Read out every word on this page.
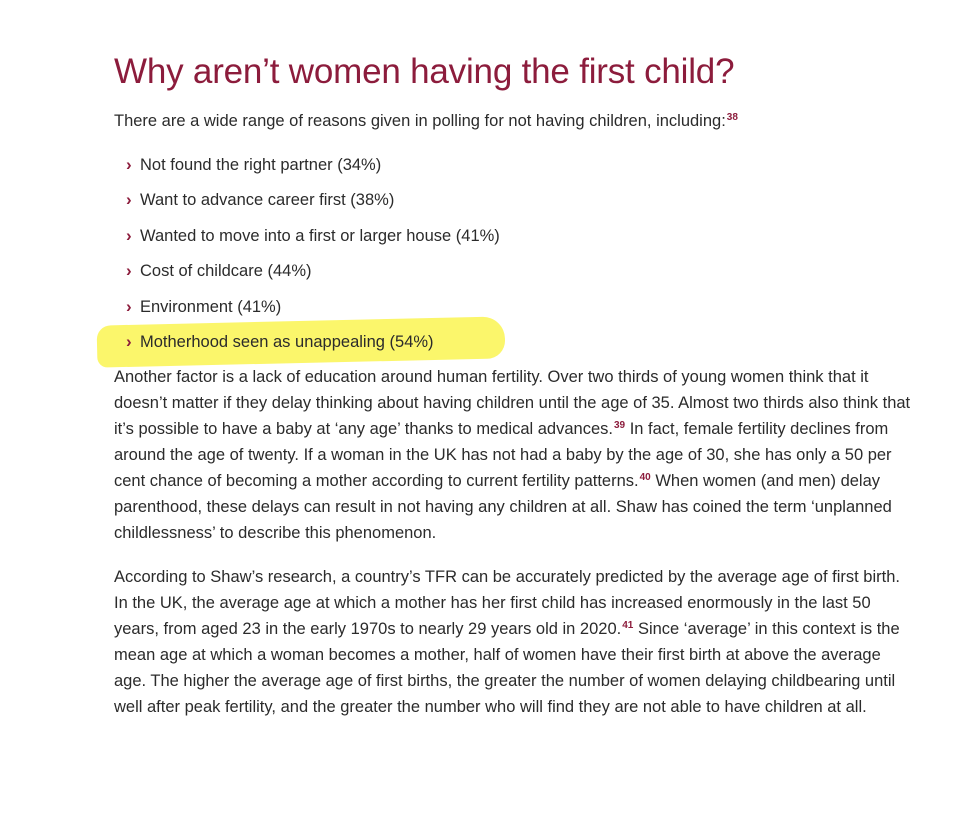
Why aren’t women having the first child?

There are a wide range of reasons given in polling for not having children, including:$^{38}$

› Not found the right partner (34%)
› Want to advance career first (38%)
› Wanted to move into a first or larger house (41%)
› Cost of childcare (44%)
› Environment (41%)
› Motherhood seen as unappealing (54%)

Another factor is a lack of education around human fertility. Over two thirds of young women think that it doesn’t matter if they delay thinking about having children until the age of 35. Almost two thirds also think that it’s possible to have a baby at ‘any age’ thanks to medical advances.$^{39}$ In fact, female fertility declines from around the age of twenty. If a woman in the UK has not had a baby by the age of 30, she has only a 50 per cent chance of becoming a mother according to current fertility patterns.$^{40}$ When women (and men) delay parenthood, these delays can result in not having any children at all. Shaw has coined the term ‘unplanned childlessness’ to describe this phenomenon.

According to Shaw’s research, a country’s TFR can be accurately predicted by the average age of first birth. In the UK, the average age at which a mother has her first child has increased enormously in the last 50 years, from aged 23 in the early 1970s to nearly 29 years old in 2020.41 Since ‘average’ in this context is the mean age at which a woman becomes a mother, half of women have their first birth at above the average age. The higher the average age of first births, the greater the number of women delaying childbearing until well after peak fertility, and the greater the number who will find they are not able to have children at all.
